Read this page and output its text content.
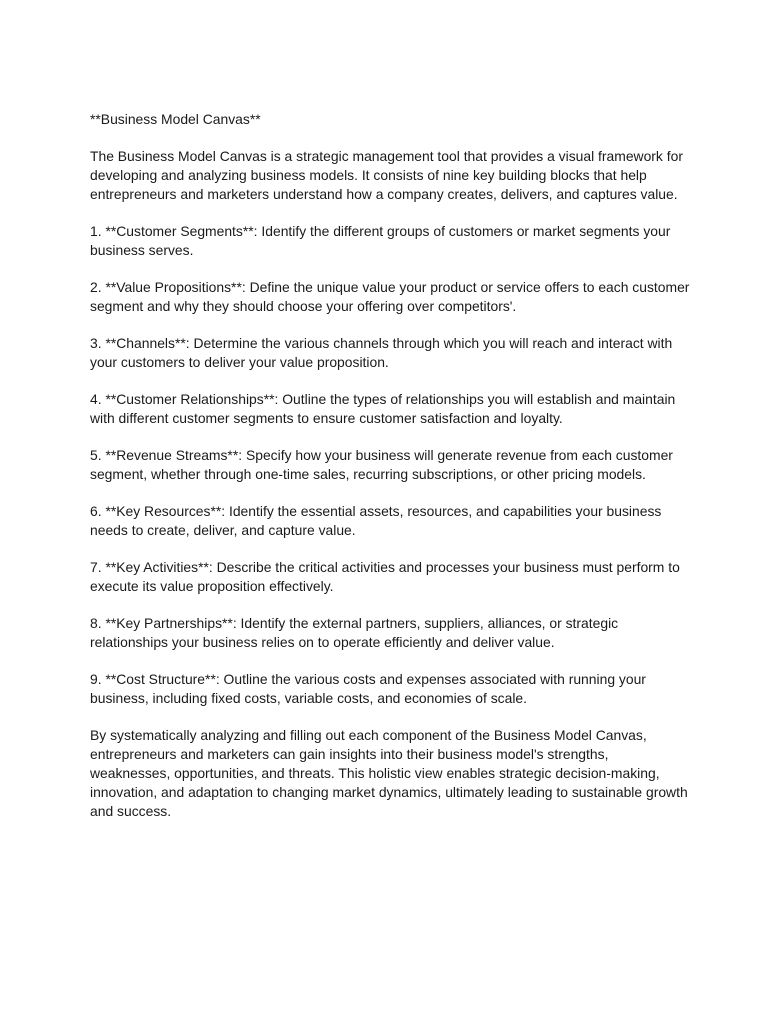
**Business Model Canvas**

The Business Model Canvas is a strategic management tool that provides a visual framework for developing and analyzing business models. It consists of nine key building blocks that help entrepreneurs and marketers understand how a company creates, delivers, and captures value.

1. **Customer Segments**: Identify the different groups of customers or market segments your business serves.

2. **Value Propositions**: Define the unique value your product or service offers to each customer segment and why they should choose your offering over competitors'.

3. **Channels**: Determine the various channels through which you will reach and interact with your customers to deliver your value proposition.

4. **Customer Relationships**: Outline the types of relationships you will establish and maintain with different customer segments to ensure customer satisfaction and loyalty.

5. **Revenue Streams**: Specify how your business will generate revenue from each customer segment, whether through one-time sales, recurring subscriptions, or other pricing models.

6. **Key Resources**: Identify the essential assets, resources, and capabilities your business needs to create, deliver, and capture value.

7. **Key Activities**: Describe the critical activities and processes your business must perform to execute its value proposition effectively.

8. **Key Partnerships**: Identify the external partners, suppliers, alliances, or strategic relationships your business relies on to operate efficiently and deliver value.

9. **Cost Structure**: Outline the various costs and expenses associated with running your business, including fixed costs, variable costs, and economies of scale.

By systematically analyzing and filling out each component of the Business Model Canvas, entrepreneurs and marketers can gain insights into their business model's strengths, weaknesses, opportunities, and threats. This holistic view enables strategic decision-making, innovation, and adaptation to changing market dynamics, ultimately leading to sustainable growth and success.
